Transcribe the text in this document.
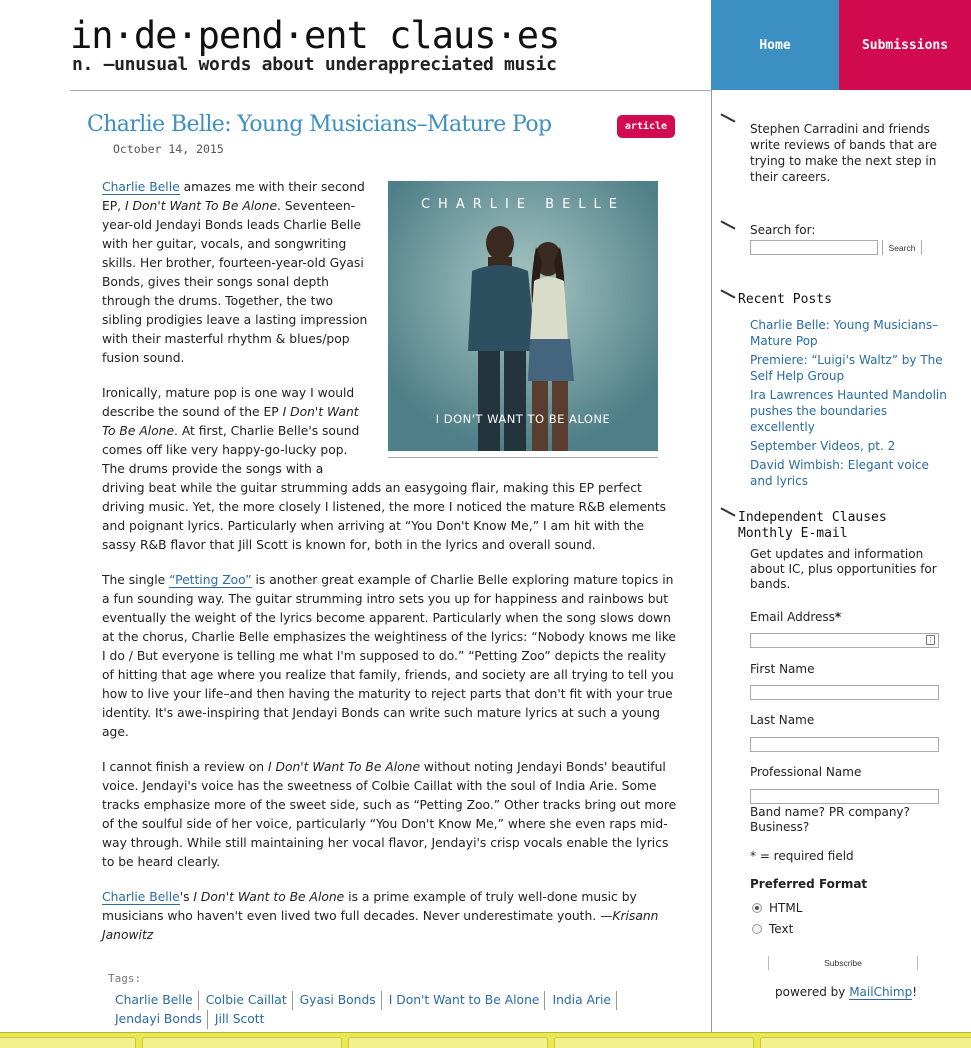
in·de·pend·ent claus·es
n. —unusual words about underappreciated music
Home	Submissions
Charlie Belle: Young Musicians–Mature Pop	article
October 14, 2015
CHARLIE BELLE
I DON'T WANT TO BE ALONE

Charlie Belle amazes me with their second EP, I Don't Want To Be Alone. Seventeen-year-old Jendayi Bonds leads Charlie Belle with her guitar, vocals, and songwriting skills. Her brother, fourteen-year-old Gyasi Bonds, gives their songs sonal depth through the drums. Together, the two sibling prodigies leave a lasting impression with their masterful rhythm & blues/pop fusion sound.

Ironically, mature pop is one way I would describe the sound of the EP I Don't Want To Be Alone. At first, Charlie Belle's sound comes off like very happy-go-lucky pop. The drums provide the songs with a driving beat while the guitar strumming adds an easygoing flair, making this EP perfect driving music. Yet, the more closely I listened, the more I noticed the mature R&B elements and poignant lyrics. Particularly when arriving at “You Don't Know Me,” I am hit with the sassy R&B flavor that Jill Scott is known for, both in the lyrics and overall sound.

The single “Petting Zoo” is another great example of Charlie Belle exploring mature topics in a fun sounding way. The guitar strumming intro sets you up for happiness and rainbows but eventually the weight of the lyrics become apparent. Particularly when the song slows down at the chorus, Charlie Belle emphasizes the weightiness of the lyrics: “Nobody knows me like I do / But everyone is telling me what I'm supposed to do.” “Petting Zoo” depicts the reality of hitting that age where you realize that family, friends, and society are all trying to tell you how to live your life–and then having the maturity to reject parts that don't fit with your true identity. It's awe-inspiring that Jendayi Bonds can write such mature lyrics at such a young age.

I cannot finish a review on I Don't Want To Be Alone without noting Jendayi Bonds' beautiful voice. Jendayi's voice has the sweetness of Colbie Caillat with the soul of India Arie. Some tracks emphasize more of the sweet side, such as “Petting Zoo.” Other tracks bring out more of the soulful side of her voice, particularly “You Don't Know Me,” where she even raps mid-way through. While still maintaining her vocal flavor, Jendayi's crisp vocals enable the lyrics to be heard clearly.

Charlie Belle's I Don't Want to Be Alone is a prime example of truly well-done music by musicians who haven't even lived two full decades. Never underestimate youth. —Krisann Janowitz

Tags:
Charlie Belle Colbie Caillat Gyasi Bonds I Don't Want to Be Alone India ArieJendayi Bonds Jill Scott
Stephen Carradini and friends write reviews of bands that are trying to make the next step in their careers.
Search for:
Search
Recent Posts
Charlie Belle: Young Musicians–Mature Pop
Premiere: “Luigi's Waltz” by The Self Help Group
Ira Lawrences Haunted Mandolin pushes the boundaries excellently
September Videos, pt. 2
David Wimbish: Elegant voice and lyrics
Independent Clauses Monthly E-mail
Get updates and information about IC, plus opportunities for bands.
Email Address*
⋮
First Name
Last Name
Professional Name
Band name? PR company? Business?
* = required field
Preferred Format
HTML
Text
Subscribe
powered by MailChimp!
